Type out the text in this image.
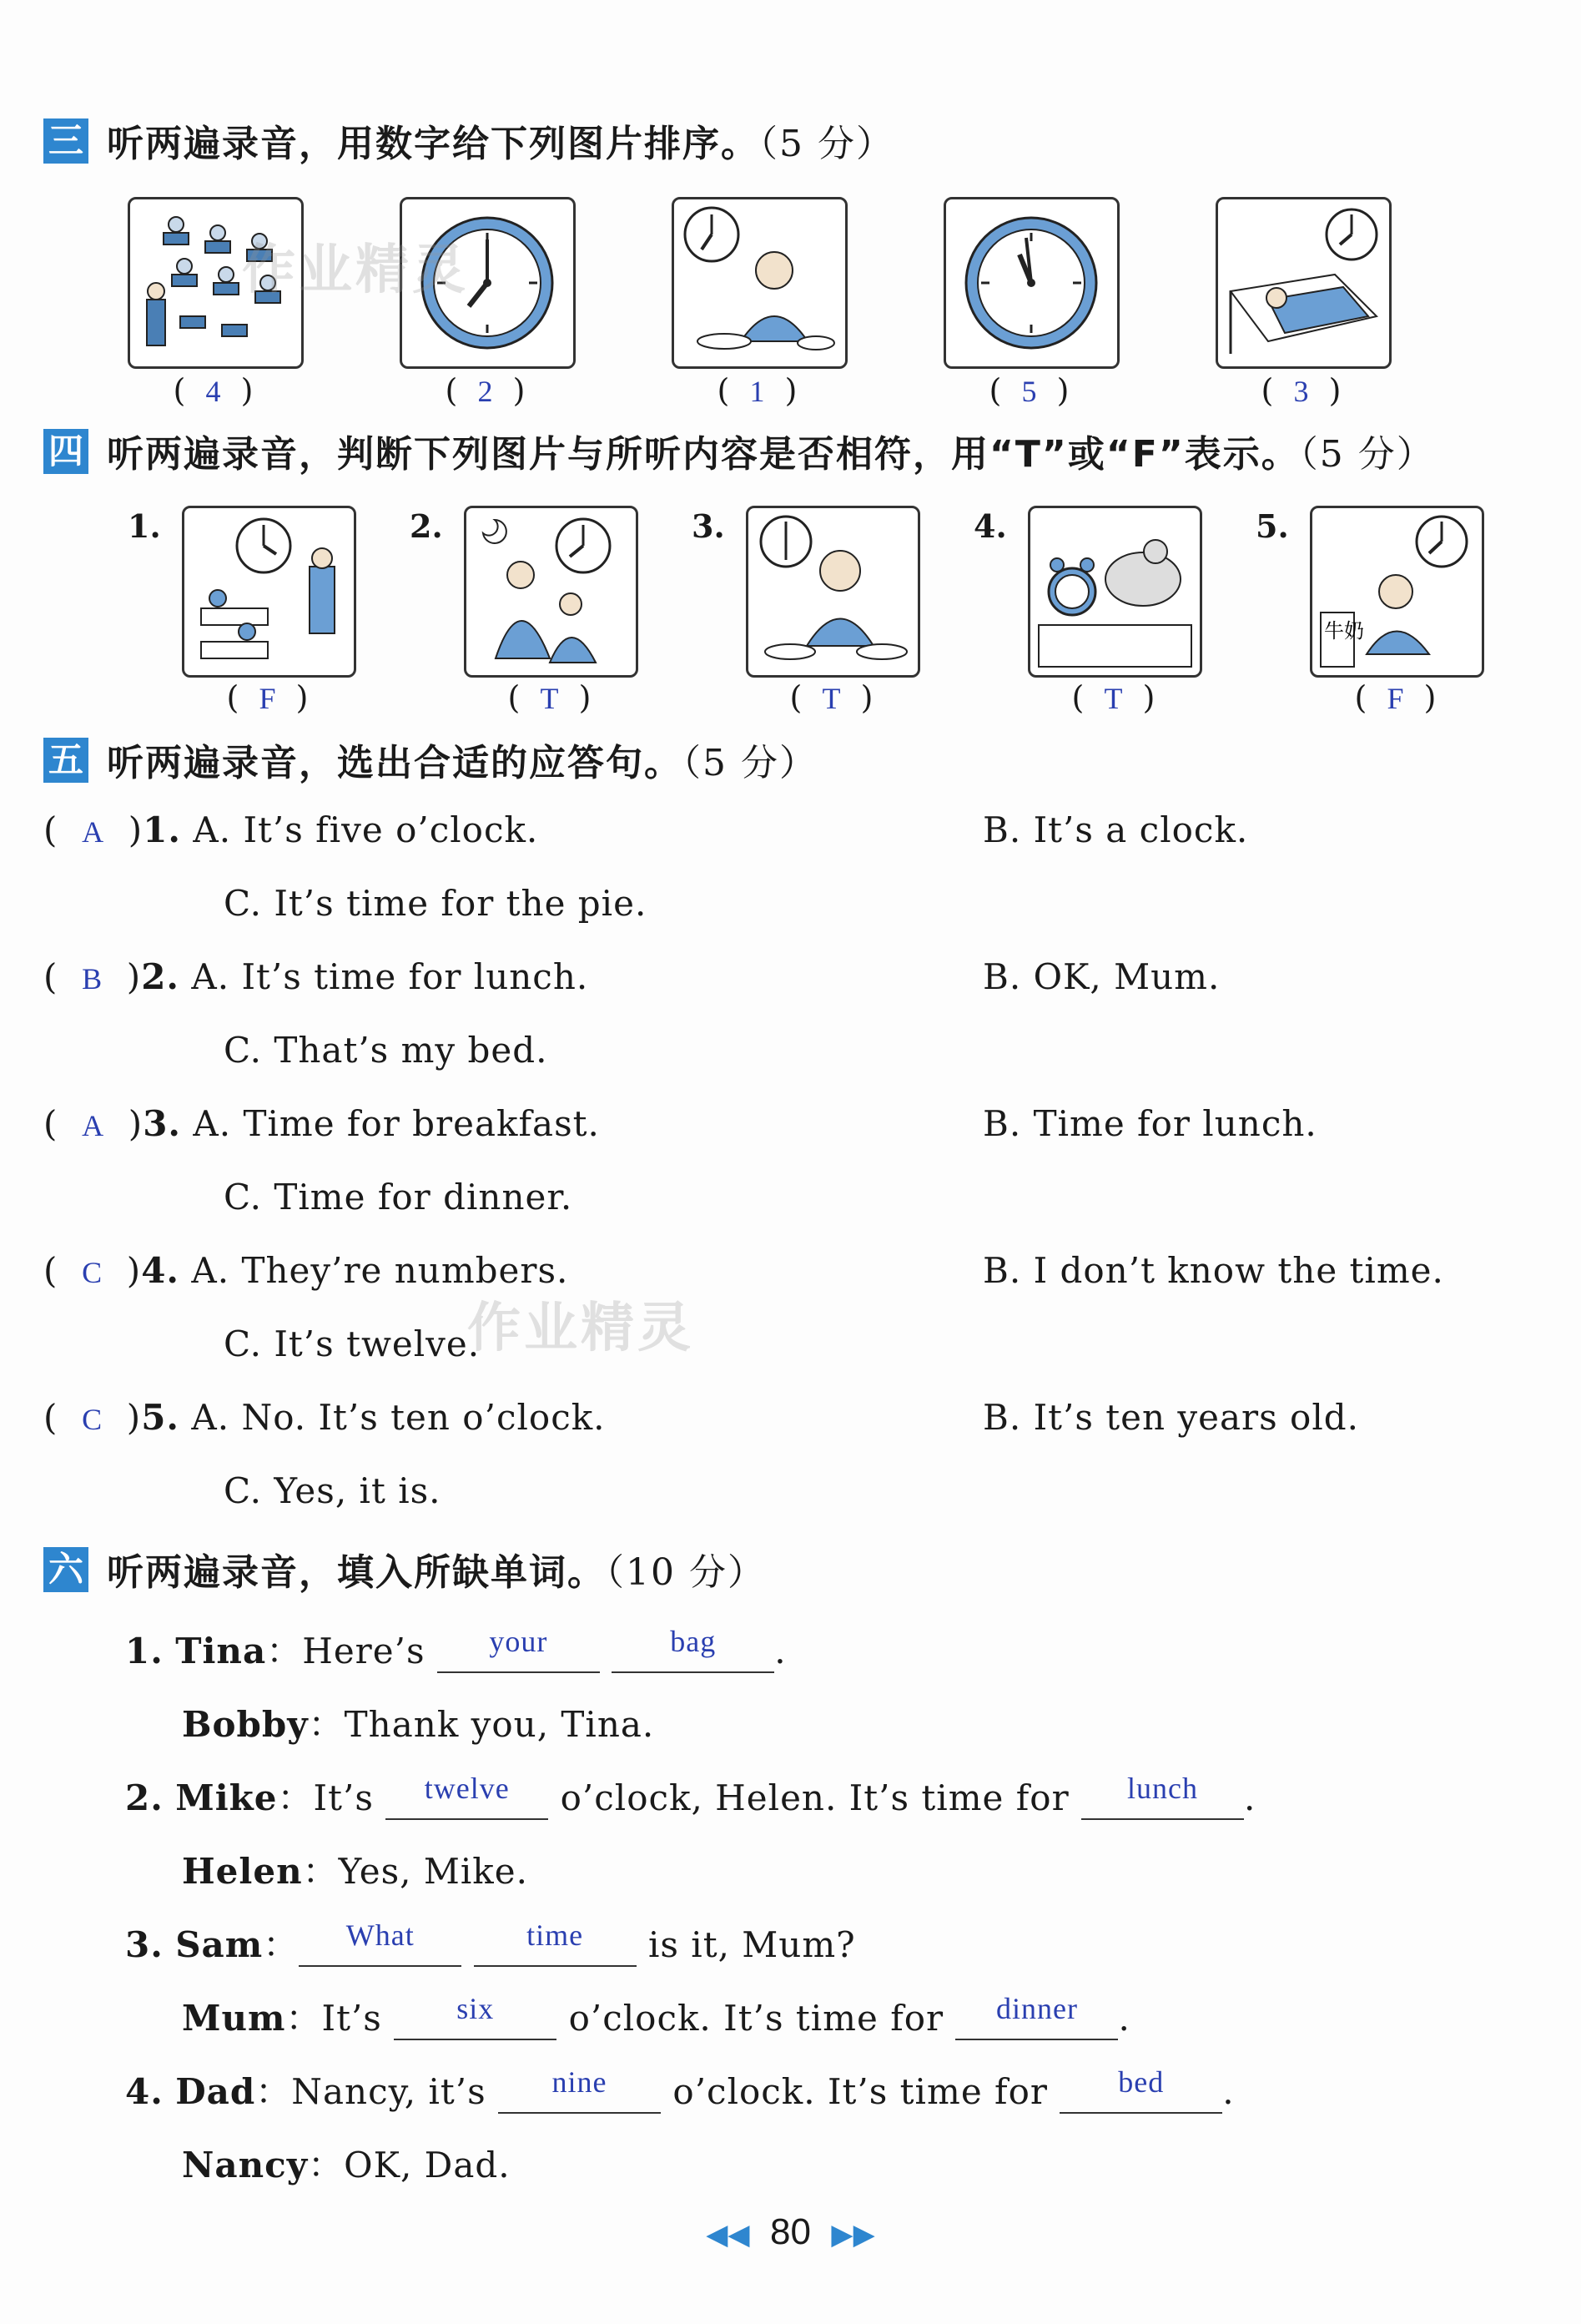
三 听两遍录音，用数字给下列图片排序。（5 分）
(  4  )	(  2  )	(  1  )	(  5  )	(  3  )
四 听两遍录音，判断下列图片与所听内容是否相符，用“T”或“F”表示。（5 分）
1.	2.	3.	4.	5.
牛奶
(  F  )	(  T  )	(  T  )	(  T  )	(  F  )
五 听两遍录音，选出合适的应答句。（5 分）
(  A  )1. A. It’s five o’clock.	B. It’s a clock.
C. It’s time for the pie.
(  B  )2. A. It’s time for lunch.	B. OK, Mum.
C. That’s my bed.
(  A  )3. A. Time for breakfast.	B. Time for lunch.
C. Time for dinner.
(  C  )4. A. They’re numbers.	B. I don’t know the time.
C. It’s twelve.
(  C  )5. A. No. It’s ten o’clock.	B. It’s ten years old.
C. Yes, it is.
六 听两遍录音，填入所缺单词。（10 分）
1. Tina：Here’s your	bag .
Bobby：Thank you, Tina.
2. Mike：It’s twelve o’clock, Helen. It’s time for lunch .
Helen：Yes, Mike.
3. Sam： What	time is it, Mum?
Mum：It’s six o’clock. It’s time for dinner .
4. Dad：Nancy, it’s nine o’clock. It’s time for bed .
Nancy：OK, Dad.
作业精灵
作业精灵
◀◀ 80 ▶▶
